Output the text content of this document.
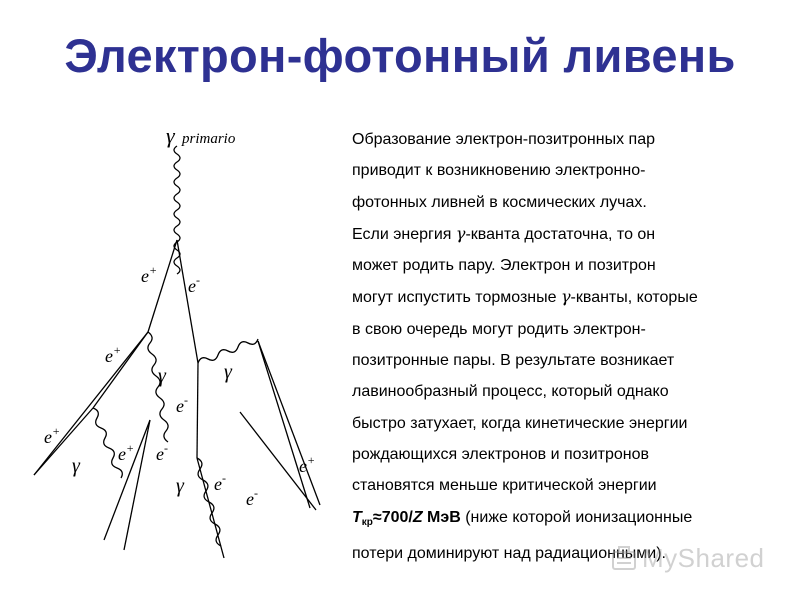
Электрон-фотонный ливень
γ primario
e+
e-
e+
γ	γ
e-
e+
γ
e+ e-
γ e-
e-
e+
Образование электрон-позитронных пар
приводит к возникновению электронно-
фотонных ливней в космических лучах.
Если энергия γ-кванта достаточна, то он
может родить пару. Электрон и позитрон
могут испустить тормозные γ-кванты, которые
в свою очередь могут родить электрон-
позитронные пары. В результате возникает
лавинообразный процесс, который однако
быстро затухает, когда кинетические энергии
рождающихся электронов и позитронов
становятся меньше критической энергии
$T_{кр}\approx 700/Z$ МэВ (ниже которой ионизационные
потери доминируют над радиационными).
MyShared
